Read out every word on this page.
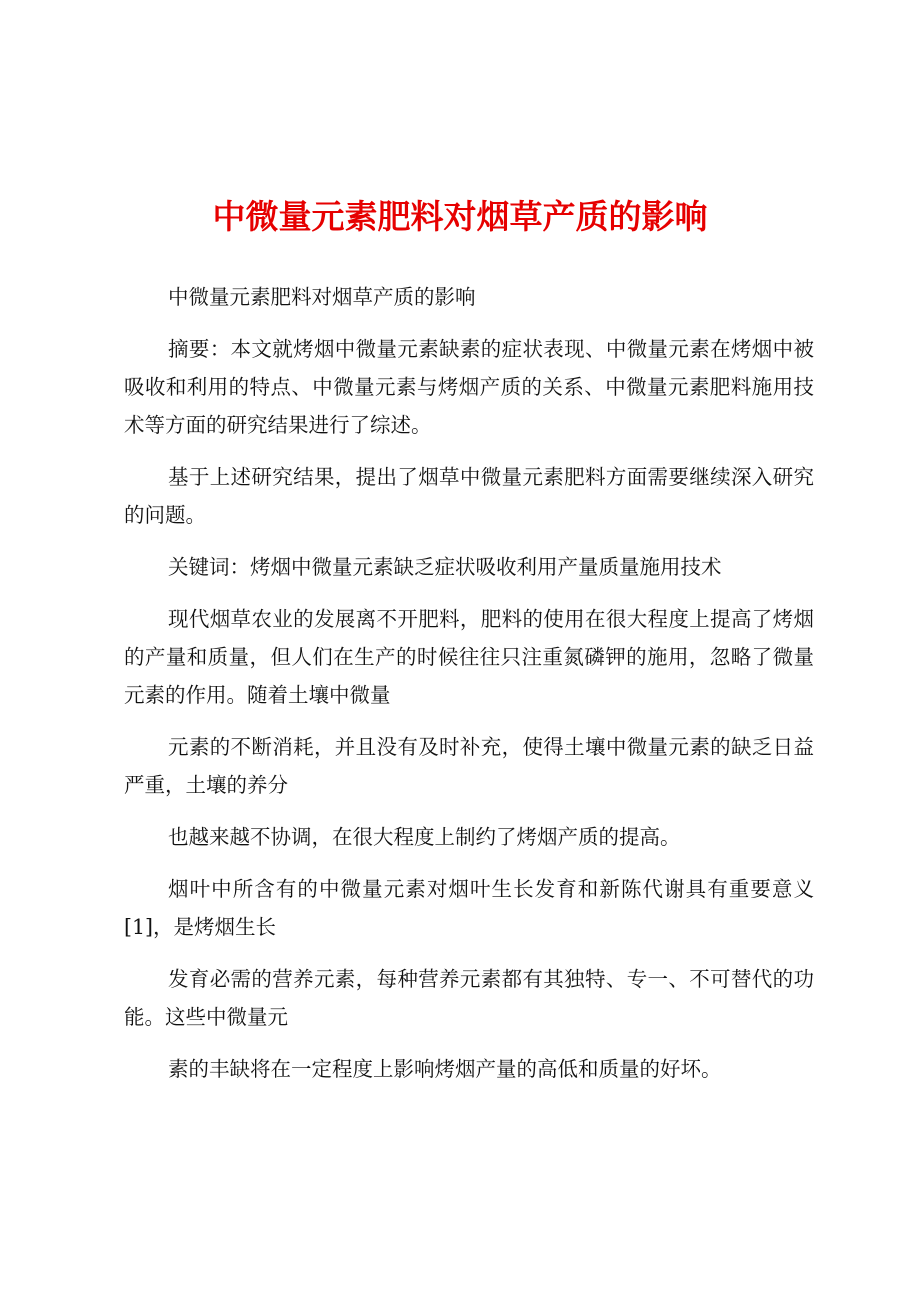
中微量元素肥料对烟草产质的影响

中微量元素肥料对烟草产质的影响

摘要：本文就烤烟中微量元素缺素的症状表现、中微量元素在烤烟中被吸收和利用的特点、中微量元素与烤烟产质的关系、中微量元素肥料施用技术等方面的研究结果进行了综述。

基于上述研究结果，提出了烟草中微量元素肥料方面需要继续深入研究的问题。

关键词：烤烟中微量元素缺乏症状吸收利用产量质量施用技术

现代烟草农业的发展离不开肥料，肥料的使用在很大程度上提高了烤烟的产量和质量，但人们在生产的时候往往只注重氮磷钾的施用，忽略了微量元素的作用。随着土壤中微量

元素的不断消耗，并且没有及时补充，使得土壤中微量元素的缺乏日益严重，土壤的养分

也越来越不协调，在很大程度上制约了烤烟产质的提高。

烟叶中所含有的中微量元素对烟叶生长发育和新陈代谢具有重要意义[1]，是烤烟生长

发育必需的营养元素，每种营养元素都有其独特、专一、不可替代的功能。这些中微量元

素的丰缺将在一定程度上影响烤烟产量的高低和质量的好坏。
